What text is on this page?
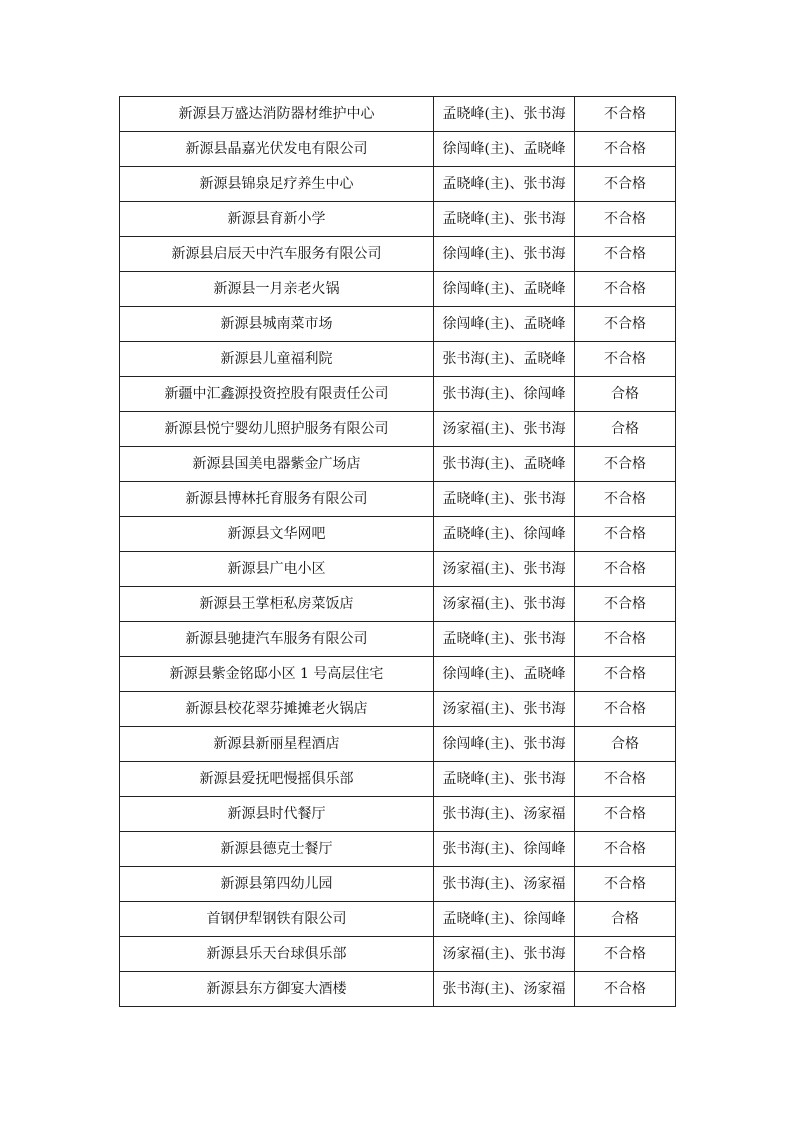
新源县万盛达消防器材维护中心	孟晓峰(主)、张书海	不合格
新源县晶嘉光伏发电有限公司	徐闯峰(主)、孟晓峰	不合格
新源县锦泉足疗养生中心	孟晓峰(主)、张书海	不合格
新源县育新小学	孟晓峰(主)、张书海	不合格
新源县启辰天中汽车服务有限公司	徐闯峰(主)、张书海	不合格
新源县一月亲老火锅	徐闯峰(主)、孟晓峰	不合格
新源县城南菜市场	徐闯峰(主)、孟晓峰	不合格
新源县儿童福利院	张书海(主)、孟晓峰	不合格
新疆中汇鑫源投资控股有限责任公司	张书海(主)、徐闯峰	合格
新源县悦宁婴幼儿照护服务有限公司	汤家福(主)、张书海	合格
新源县国美电器紫金广场店	张书海(主)、孟晓峰	不合格
新源县博林托育服务有限公司	孟晓峰(主)、张书海	不合格
新源县文华网吧	孟晓峰(主)、徐闯峰	不合格
新源县广电小区	汤家福(主)、张书海	不合格
新源县王掌柜私房菜饭店	汤家福(主)、张书海	不合格
新源县驰捷汽车服务有限公司	孟晓峰(主)、张书海	不合格
新源县紫金铭邸小区 1 号高层住宅	徐闯峰(主)、孟晓峰	不合格
新源县校花翠芬摊摊老火锅店	汤家福(主)、张书海	不合格
新源县新丽星程酒店	徐闯峰(主)、张书海	合格
新源县爱抚吧慢摇俱乐部	孟晓峰(主)、张书海	不合格
新源县时代餐厅	张书海(主)、汤家福	不合格
新源县德克士餐厅	张书海(主)、徐闯峰	不合格
新源县第四幼儿园	张书海(主)、汤家福	不合格
首钢伊犁钢铁有限公司	孟晓峰(主)、徐闯峰	合格
新源县乐天台球俱乐部	汤家福(主)、张书海	不合格
新源县东方御宴大酒楼	张书海(主)、汤家福	不合格
